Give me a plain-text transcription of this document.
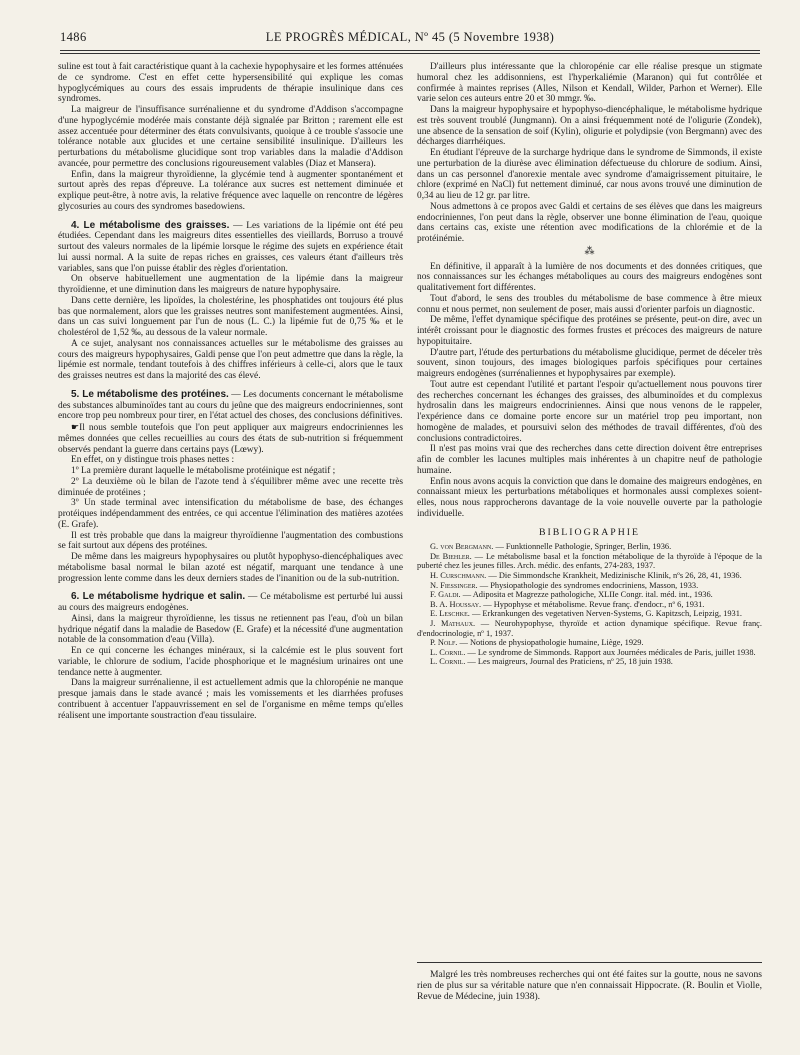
1486	LE PROGRÈS MÉDICAL, Nº 45 (5 Novembre 1938)

suline est tout à fait caractéristique quant à la cachexie hypophysaire et les formes atténuées de ce syndrome. C'est en effet cette hypersensibilité qui explique les comas hypoglycémiques au cours des essais imprudents de thérapie insulinique dans ces syndromes.

La maigreur de l'insuffisance surrénalienne et du syndrome d'Addison s'accompagne d'une hypoglycémie modérée mais constante déjà signalée par Britton ; rarement elle est assez accentuée pour déterminer des états convulsivants, quoique à ce trouble s'associe une tolérance notable aux glucides et une certaine sensibilité insulinique. D'ailleurs les perturbations du métabolisme glucidique sont trop variables dans la maladie d'Addison avancée, pour permettre des conclusions rigoureusement valables (Diaz et Mansera).

Enfin, dans la maigreur thyroïdienne, la glycémie tend à augmenter spontanément et surtout après des repas d'épreuve. La tolérance aux sucres est nettement diminuée et explique peut-être, à notre avis, la relative fréquence avec laquelle on rencontre de légères glycosuries au cours des syndromes basedowiens.

4. Le métabolisme des graisses. — Les variations de la lipémie ont été peu étudiées. Cependant dans les maigreurs dites essentielles des vieillards, Borruso a trouvé surtout des valeurs normales de la lipémie lorsque le régime des sujets en expérience était lui aussi normal. A la suite de repas riches en graisses, ces valeurs étant d'ailleurs très variables, sans que l'on puisse établir des règles d'orientation.

On observe habituellement une augmentation de la lipémie dans la maigreur thyroïdienne, et une diminution dans les maigreurs de nature hypophysaire.

Dans cette dernière, les lipoïdes, la cholestérine, les phosphatides ont toujours été plus bas que normalement, alors que les graisses neutres sont manifestement augmentées. Ainsi, dans un cas suivi longuement par l'un de nous (L. C.) la lipémie fut de 0,75 ‰ et le cholestérol de 1,52 ‰, au dessous de la valeur normale.

A ce sujet, analysant nos connaissances actuelles sur le métabolisme des graisses au cours des maigreurs hypophysaires, Galdi pense que l'on peut admettre que dans la règle, la lipémie est normale, tendant toutefois à des chiffres inférieurs à celle-ci, alors que le taux des graisses neutres est dans la majorité des cas élevé.

5. Le métabolisme des protéines. — Les documents concernant le métabolisme des substances albuminoïdes tant au cours du jeûne que des maigreurs endocriniennes, sont encore trop peu nombreux pour tirer, en l'état actuel des choses, des conclusions définitives.

☛Il nous semble toutefois que l'on peut appliquer aux maigreurs endocriniennes les mêmes données que celles recueillies au cours des états de sub-nutrition si fréquemment observés pendant la guerre dans certains pays (Lœwy).

En effet, on y distingue trois phases nettes :

1º La première durant laquelle le métabolisme protéinique est négatif ;

2º La deuxième où le bilan de l'azote tend à s'équilibrer même avec une recette très diminuée de protéines ;

3º Un stade terminal avec intensification du métabolisme de base, des échanges protéiques indépendamment des entrées, ce qui accentue l'élimination des matières azotées (E. Grafe).

Il est très probable que dans la maigreur thyroïdienne l'augmentation des combustions se fait surtout aux dépens des protéines.

De même dans les maigreurs hypophysaires ou plutôt hypophyso-diencéphaliques avec métabolisme basal normal le bilan azoté est négatif, marquant une tendance à une progression lente comme dans les deux derniers stades de l'inanition ou de la sub-nutrition.

6. Le métabolisme hydrique et salin. — Ce métabolisme est perturbé lui aussi au cours des maigreurs endogènes.

Ainsi, dans la maigreur thyroïdienne, les tissus ne retiennent pas l'eau, d'où un bilan hydrique négatif dans la maladie de Basedow (E. Grafe) et la nécessité d'une augmentation notable de la consommation d'eau (Villa).

En ce qui concerne les échanges minéraux, si la calcémie est le plus souvent fort variable, le chlorure de sodium, l'acide phosphorique et le magnésium urinaires ont une tendance nette à augmenter.

Dans la maigreur surrénalienne, il est actuellement admis que la chloropénie ne manque presque jamais dans le stade avancé ; mais les vomissements et les diarrhées profuses contribuent à accentuer l'appauvrissement en sel de l'organisme en même temps qu'elles réalisent une importante soustraction d'eau tissulaire.

D'ailleurs plus intéressante que la chloropénie car elle réalise presque un stigmate humoral chez les addisonniens, est l'hyperkaliémie (Maranon) qui fut contrôlée et confirmée à maintes reprises (Alles, Nilson et Kendall, Wilder, Parhon et Werner). Elle varie selon ces auteurs entre 20 et 30 mmgr. ‰.

Dans la maigreur hypophysaire et hypophyso-diencéphalique, le métabolisme hydrique est très souvent troublé (Jungmann). On a ainsi fréquemment noté de l'oligurie (Zondek), une absence de la sensation de soif (Kylin), oligurie et polydipsie (von Bergmann) avec des décharges diarrhéiques.

En étudiant l'épreuve de la surcharge hydrique dans le syndrome de Simmonds, il existe une perturbation de la diurèse avec élimination défectueuse du chlorure de sodium. Ainsi, dans un cas personnel d'anorexie mentale avec syndrome d'amaigrissement pituitaire, le chlore (exprimé en NaCl) fut nettement diminué, car nous avons trouvé une diminution de 0,34 au lieu de 12 gr. par litre.

Nous admettons à ce propos avec Galdi et certains de ses élèves que dans les maigreurs endocriniennes, l'on peut dans la règle, observer une bonne élimination de l'eau, quoique dans certains cas, existe une rétention avec modifications de la chlorémie et de la protéinémie.

⁂

En définitive, il apparaît à la lumière de nos documents et des données critiques, que nos connaissances sur les échanges métaboliques au cours des maigreurs endogènes sont qualitativement fort différentes.

Tout d'abord, le sens des troubles du métabolisme de base commence à être mieux connu et nous permet, non seulement de poser, mais aussi d'orienter parfois un diagnostic.

De même, l'effet dynamique spécifique des protéines se présente, peut-on dire, avec un intérêt croissant pour le diagnostic des formes frustes et précoces des maigreurs de nature hypopituitaire.

D'autre part, l'étude des perturbations du métabolisme glucidique, permet de déceler très souvent, sinon toujours, des images biologiques parfois spécifiques pour certaines maigreurs endogènes (surrénaliennes et hypophysaires par exemple).

Tout autre est cependant l'utilité et partant l'espoir qu'actuellement nous pouvons tirer des recherches concernant les échanges des graisses, des albuminoïdes et du complexus hydrosalin dans les maigreurs endocriniennes. Ainsi que nous venons de le rappeler, l'expérience dans ce domaine porte encore sur un matériel trop peu important, non homogène de malades, et poursuivi selon des méthodes de travail différentes, d'où des conclusions contradictoires.

Il n'est pas moins vrai que des recherches dans cette direction doivent être entreprises afin de combler les lacunes multiples mais inhérentes à un chapitre neuf de pathologie humaine.

Enfin nous avons acquis la conviction que dans le domaine des maigreurs endogènes, en connaissant mieux les perturbations métaboliques et hormonales aussi complexes soient-elles, nous nous rapprocherons davantage de la voie nouvelle ouverte par la pathologie individuelle.

BIBLIOGRAPHIE

G. von Bergmann. — Funktionnelle Pathologie, Springer, Berlin, 1936.

De Biehler. — Le métabolisme basal et la fonction métabolique de la thyroïde à l'époque de la puberté chez les jeunes filles. Arch. médic. des enfants, 274-283, 1937.

H. Curschmann. — Die Simmondsche Krankheit, Medizinische Klinik, nºs 26, 28, 41, 1936.

N. Fiessinger. — Physiopathologie des syndromes endocriniens, Masson, 1933.

F. Galdi. — Adiposita et Magrezze pathologiche, XLIIe Congr. ital. méd. int., 1936.

B. A. Houssay. — Hypophyse et métabolisme. Revue franç. d'endocr., nº 6, 1931.

E. Leschke. — Erkrankungen des vegetativen Nerven-Systems, G. Kapitzsch, Leipzig, 1931.

J. Mathaux. — Neurohypophyse, thyroïde et action dynamique spécifique. Revue franç. d'endocrinologie, nº 1, 1937.

P. Nolf. — Notions de physiopathologie humaine, Liège, 1929.

L. Cornil. — Le syndrome de Simmonds. Rapport aux Journées médicales de Paris, juillet 1938.

L. Cornil. — Les maigreurs, Journal des Praticiens, nº 25, 18 juin 1938.

Malgré les très nombreuses recherches qui ont été faites sur la goutte, nous ne savons rien de plus sur sa véritable nature que n'en connaissait Hippocrate. (R. Boulin et Violle, Revue de Médecine, juin 1938).
